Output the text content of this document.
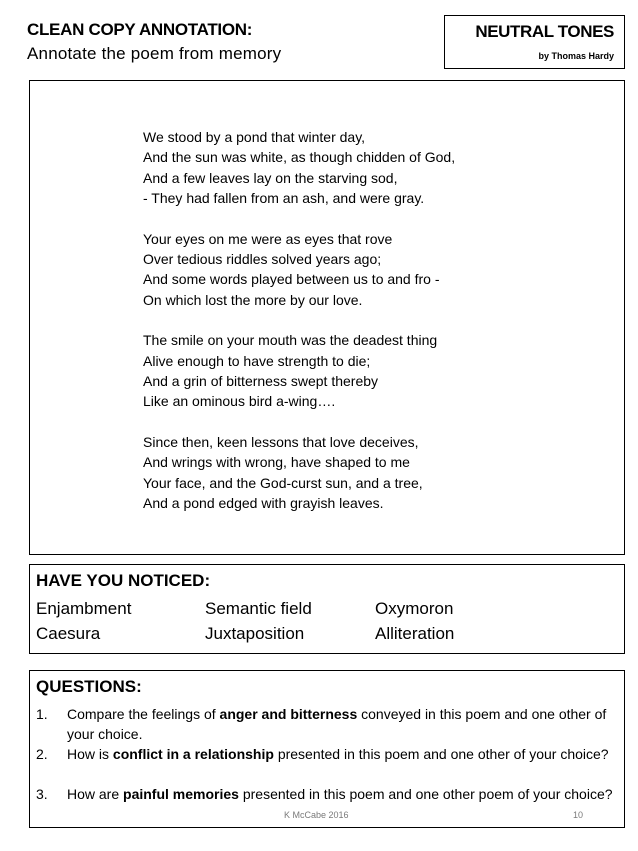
CLEAN COPY ANNOTATION:
Annotate the poem from memory
NEUTRAL TONES
by Thomas Hardy
We stood by a pond that winter day,
And the sun was white, as though chidden of God,
And a few leaves lay on the starving sod,
- They had fallen from an ash, and were gray.
Your eyes on me were as eyes that rove
Over tedious riddles solved years ago;
And some words played between us to and fro -
On which lost the more by our love.
The smile on your mouth was the deadest thing
Alive enough to have strength to die;
And a grin of bitterness swept thereby
Like an ominous bird a-wing….
Since then, keen lessons that love deceives,
And wrings with wrong, have shaped to me
Your face, and the God-curst sun, and a tree,
And a pond edged with grayish leaves.
HAVE YOU NOTICED:
Enjambment	Semantic field	Oxymoron
Caesura	Juxtaposition	Alliteration
QUESTIONS:
1. Compare the feelings of anger and bitterness conveyed in this poem and one other of your choice.
2. How is conflict in a relationship presented in this poem and one other of your choice?
3. How are painful memories presented in this poem and one other poem of your choice?
K McCabe 2016	10
